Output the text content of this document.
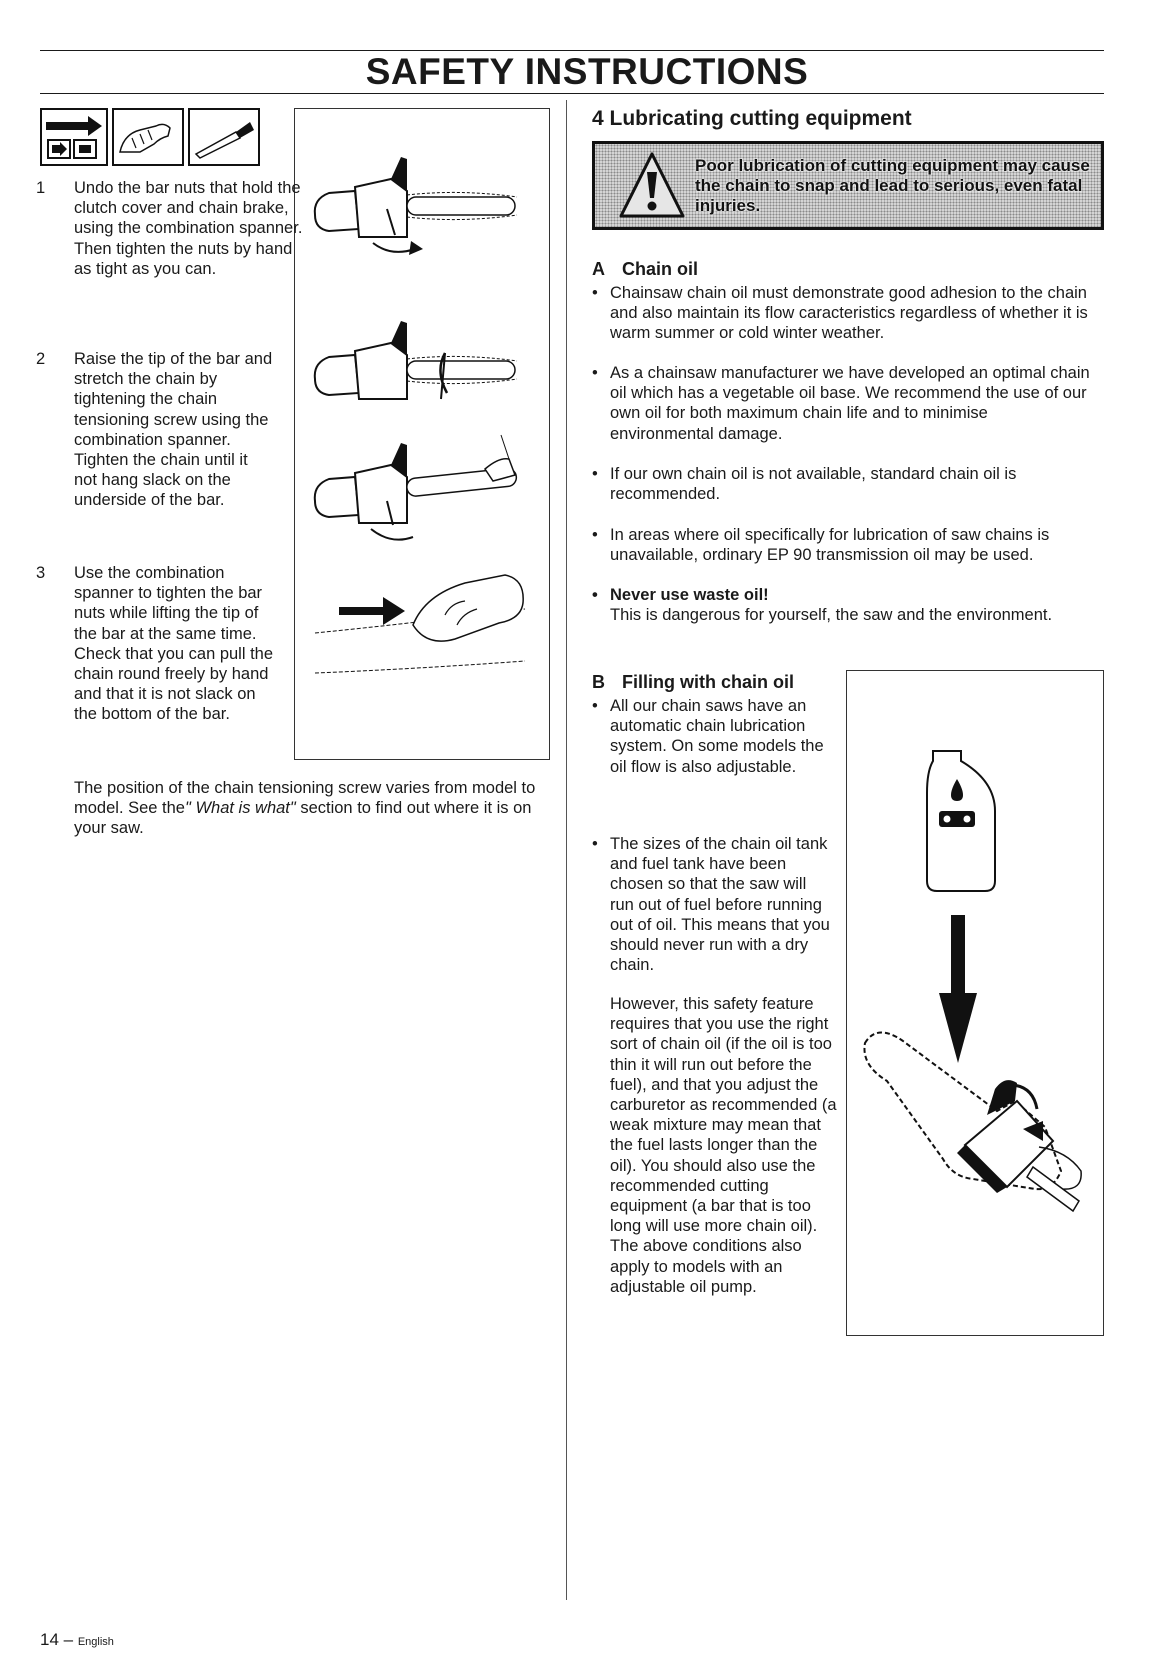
SAFETY INSTRUCTIONS
1	Undo the bar nuts that hold the clutch cover and chain brake, using the combination spanner. Then tighten the nuts by hand as tight as you can.
2	Raise the tip of the bar and stretch the chain by tightening the chain tensioning screw using the combination spanner. Tighten the chain until it not hang slack on the underside of the bar.
3	Use the combination spanner to tighten the bar nuts while lifting the tip of the bar at the same time. Check that you can pull the chain round freely by hand and that it is not slack on the bottom of the bar.
The position of the chain tensioning screw varies from model to model. See the" What is what" section to find out where it is on your saw.
4 Lubricating cutting equipment
Poor lubrication of cutting equipment may cause the chain to snap and lead to serious, even fatal injuries.
A Chain oil
• Chainsaw chain oil must demonstrate good adhesion to the chain and also maintain its flow caracteristics regardless of whether it is warm summer or cold winter weather.
• As a chainsaw manufacturer we have developed an optimal chain oil which has a vegetable oil base. We recommend the use of our own oil for both maximum chain life and to minimise environmental damage.
• If our own chain oil is not available, standard chain oil is recommended.
• In areas where oil specifically for lubrication of saw chains is unavailable, ordinary EP 90 transmission oil may be used.
• Never use waste oil!
This is dangerous for yourself, the saw and the environment.
B Filling with chain oil
• All our chain saws have an automatic chain lubrication system. On some models the oil flow is also adjustable.
• The sizes of the chain oil tank and fuel tank have been chosen so that the saw will run out of fuel before running out of oil. This means that you should never run with a dry chain.
However, this safety feature requires that you use the right sort of chain oil (if the oil is too thin it will run out before the fuel), and that you adjust the carburetor as recommended (a weak mixture may mean that the fuel lasts longer than the oil). You should also use the recommended cutting equipment (a bar that is too long will use more chain oil). The above conditions also apply to models with an adjustable oil pump.
14 – English
